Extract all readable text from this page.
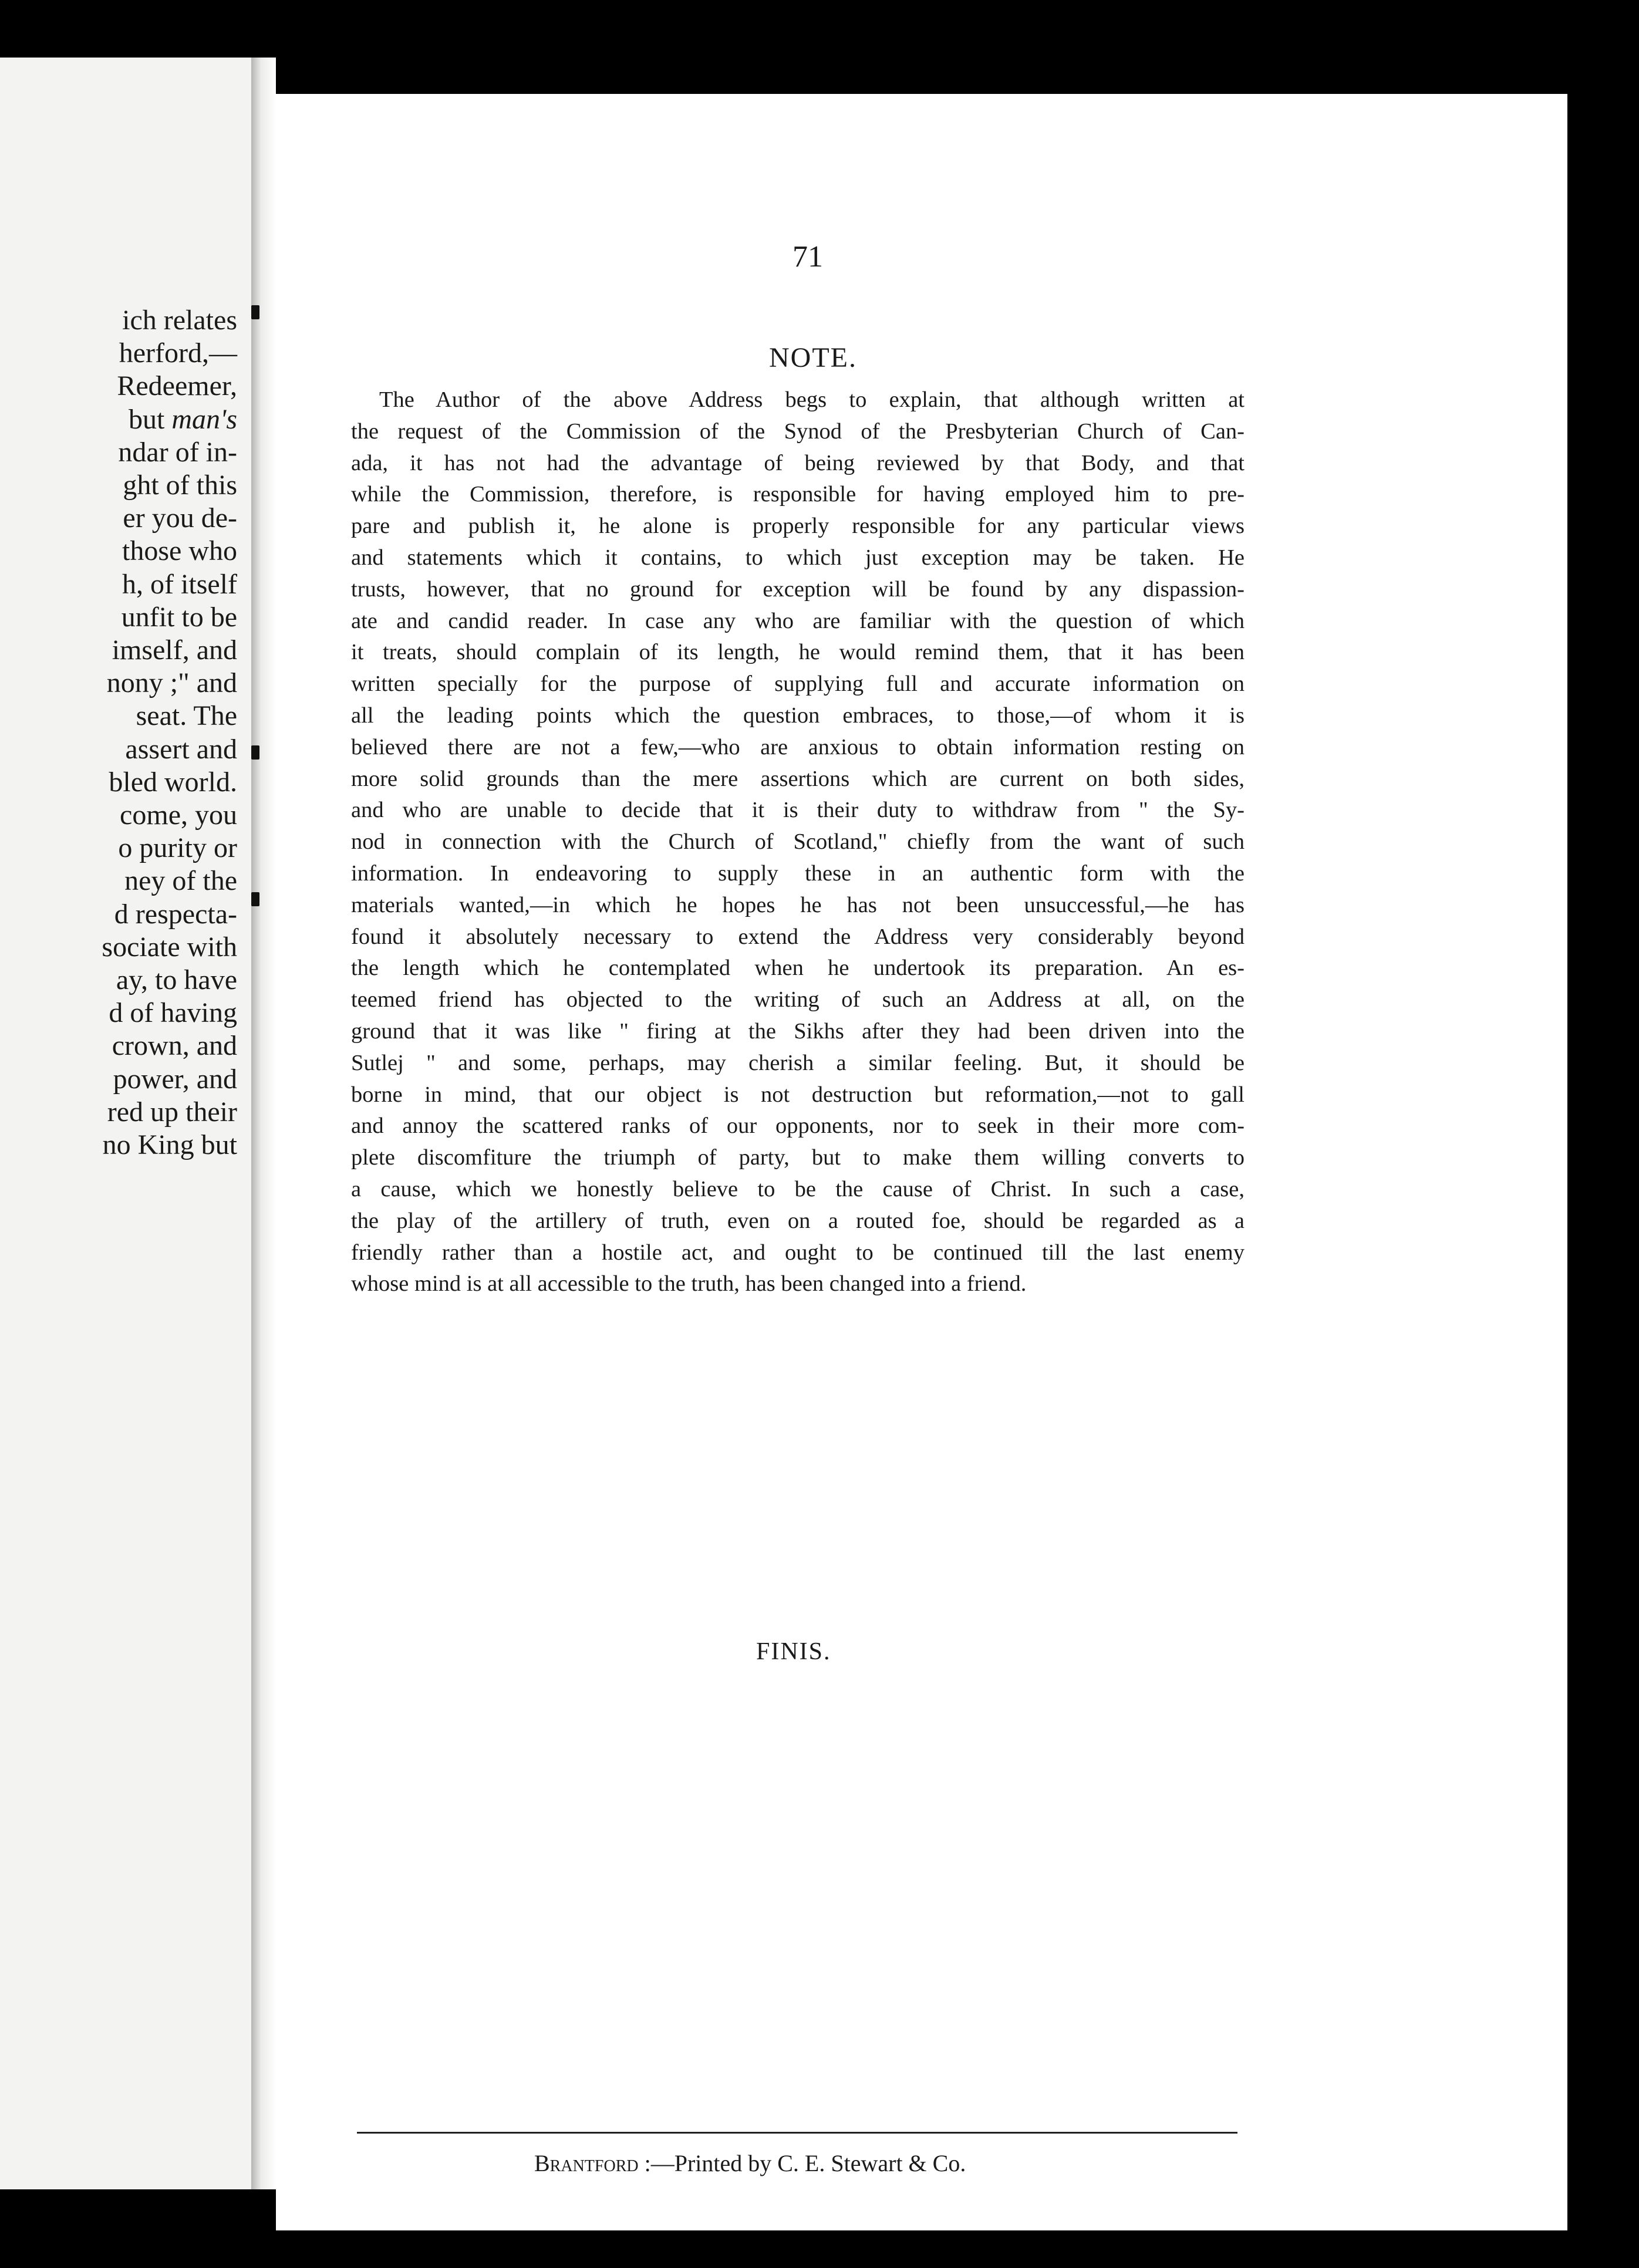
ich relates
herford,—
Redeemer,
but man's
ndar of in-
ght of this
er you de-
those who
h, of itself
unfit to be
imself, and
nony ;" and
seat. The
assert and
bled world.
come, you
o purity or
ney of the
d respecta-
sociate with
ay, to have
d of having
crown, and
power, and
red up their
no King but

71

NOTE.

The Author of the above Address begs to explain, that although written at
the request of the Commission of the Synod of the Presbyterian Church of Can-
ada, it has not had the advantage of being reviewed by that Body, and that
while the Commission, therefore, is responsible for having employed him to pre-
pare and publish it, he alone is properly responsible for any particular views
and statements which it contains, to which just exception may be taken. He
trusts, however, that no ground for exception will be found by any dispassion-
ate and candid reader. In case any who are familiar with the question of which
it treats, should complain of its length, he would remind them, that it has been
written specially for the purpose of supplying full and accurate information on
all the leading points which the question embraces, to those,—of whom it is
believed there are not a few,—who are anxious to obtain information resting on
more solid grounds than the mere assertions which are current on both sides,
and who are unable to decide that it is their duty to withdraw from " the Sy-
nod in connection with the Church of Scotland," chiefly from the want of such
information. In endeavoring to supply these in an authentic form with the
materials wanted,—in which he hopes he has not been unsuccessful,—he has
found it absolutely necessary to extend the Address very considerably beyond
the length which he contemplated when he undertook its preparation. An es-
teemed friend has objected to the writing of such an Address at all, on the
ground that it was like " firing at the Sikhs after they had been driven into the
Sutlej " and some, perhaps, may cherish a similar feeling. But, it should be
borne in mind, that our object is not destruction but reformation,—not to gall
and annoy the scattered ranks of our opponents, nor to seek in their more com-
plete discomfiture the triumph of party, but to make them willing converts to
a cause, which we honestly believe to be the cause of Christ. In such a case,
the play of the artillery of truth, even on a routed foe, should be regarded as a
friendly rather than a hostile act, and ought to be continued till the last enemy
whose mind is at all accessible to the truth, has been changed into a friend.

FINIS.

Brantford :—Printed by C. E. Stewart & Co.
